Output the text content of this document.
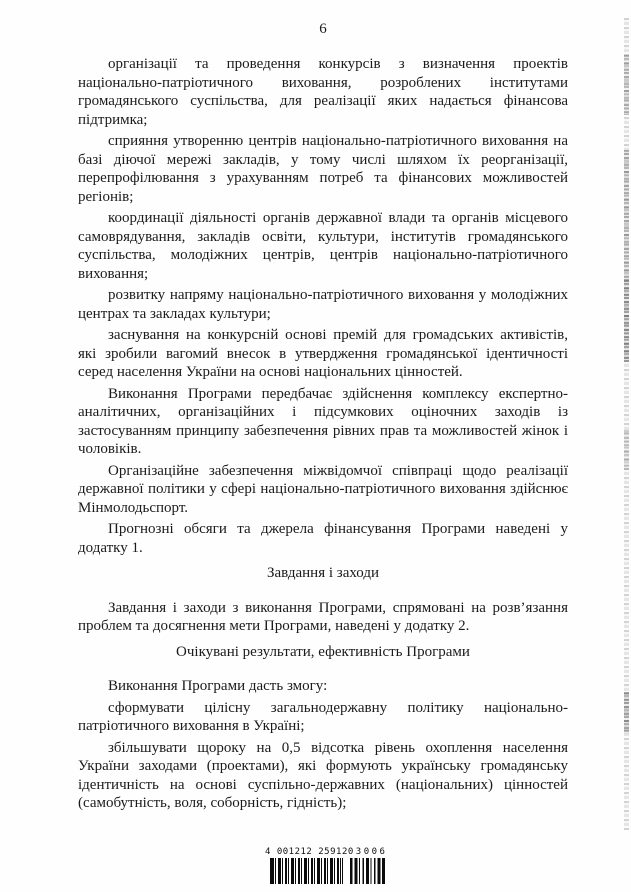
6

організації та проведення конкурсів з визначення проектів національно-патріотичного виховання, розроблених інститутами громадянського суспільства, для реалізації яких надається фінансова підтримка;

сприяння утворенню центрів національно-патріотичного виховання на базі діючої мережі закладів, у тому числі шляхом їх реорганізації, перепрофілювання з урахуванням потреб та фінансових можливостей регіонів;

координації діяльності органів державної влади та органів місцевого самоврядування, закладів освіти, культури, інститутів громадянського суспільства, молодіжних центрів, центрів національно-патріотичного виховання;

розвитку напряму національно-патріотичного виховання у молодіжних центрах та закладах культури;

заснування на конкурсній основі премій для громадських активістів, які зробили вагомий внесок в утвердження громадянської ідентичності серед населення України на основі національних цінностей.

Виконання Програми передбачає здійснення комплексу експертно-аналітичних, організаційних і підсумкових оціночних заходів із застосуванням принципу забезпечення рівних прав та можливостей жінок і чоловіків.

Організаційне забезпечення міжвідомчої співпраці щодо реалізації державної політики у сфері національно-патріотичного виховання здійснює Мінмолодьспорт.

Прогнозні обсяги та джерела фінансування Програми наведені у додатку 1.

Завдання і заходи

Завдання і заходи з виконання Програми, спрямовані на розв’язання проблем та досягнення мети Програми, наведені у додатку 2.

Очікувані результати, ефективність Програми

Виконання Програми дасть змогу:

сформувати цілісну загальнодержавну політику національно-патріотичного виховання в Україні;

збільшувати щороку на 0,5 відсотка рівень охоплення населення України заходами (проектами), які формують українську громадянську ідентичність на основі суспільно-державних (національних) цінностей (самобутність, воля, соборність, гідність);

4 001212 25912 03006
